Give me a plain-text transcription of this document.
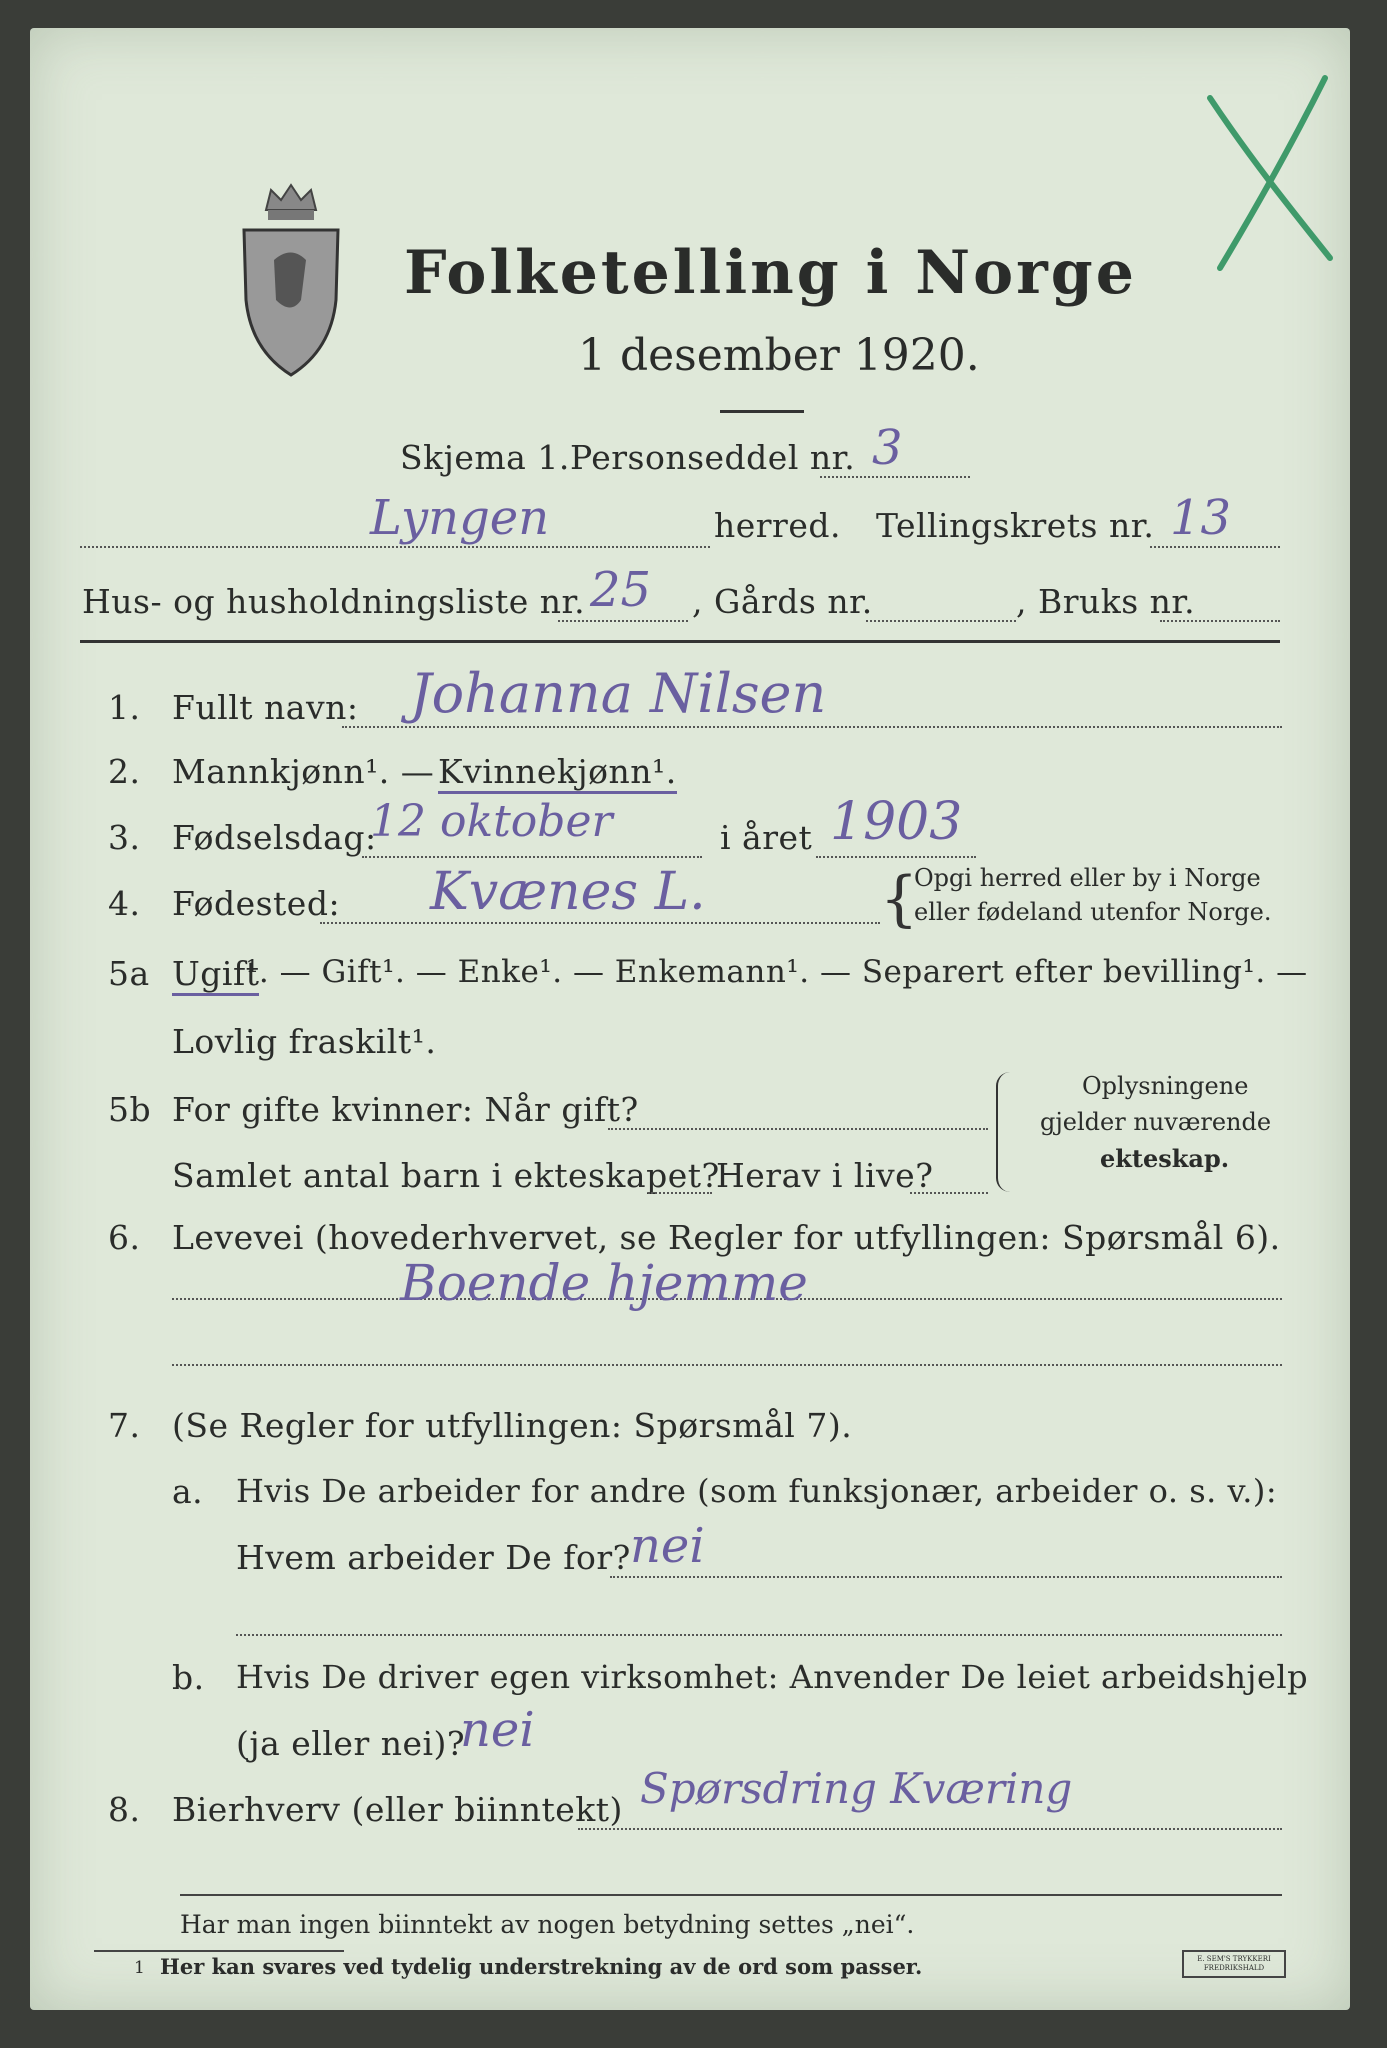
Folketelling i Norge
1 desember 1920.
Skjema 1. Personseddel nr. 3
Lyngen	herred. Tellingskrets nr. 13
Hus- og husholdningsliste nr. 25 , Gårds nr.	, Bruks nr.
1. Fullt navn: Johanna Nilsen
2. Mannkjønn¹. — Kvinnekjønn¹.
3. Fødselsdag:
12 oktober	i året 1903
4. Fødested: Kvænes L.	{
Opgi herred eller by i Norge
eller fødeland utenfor Norge.
5a Ugift
¹. — Gift¹. — Enke¹. — Enkemann¹. — Separert efter bevilling¹. —
Lovlig fraskilt¹.
5b For gifte kvinner: Når gift?
Samlet antal barn i ekteskapet?
Herav i live?
Oplysningene
gjelder nuværende
ekteskap.
6. Levevei (hovederhvervet, se Regler for utfyllingen: Spørsmål 6).
Boende hjemme
7. (Se Regler for utfyllingen: Spørsmål 7).
a. Hvis De arbeider for andre (som funksjonær, arbeider o. s. v.):
Hvem arbeider De for? nei
b. Hvis De driver egen virksomhet: Anvender De leiet arbeidshjelp
(ja eller nei)?
nei
8. Bierhverv (eller biinntekt) Spørsdring Kværing
Har man ingen biinntekt av nogen betydning settes „nei“.
1 Her kan svares ved tydelig understrekning av de ord som passer.	E. SEM'S TRYKKERI FREDRIKSHALD
